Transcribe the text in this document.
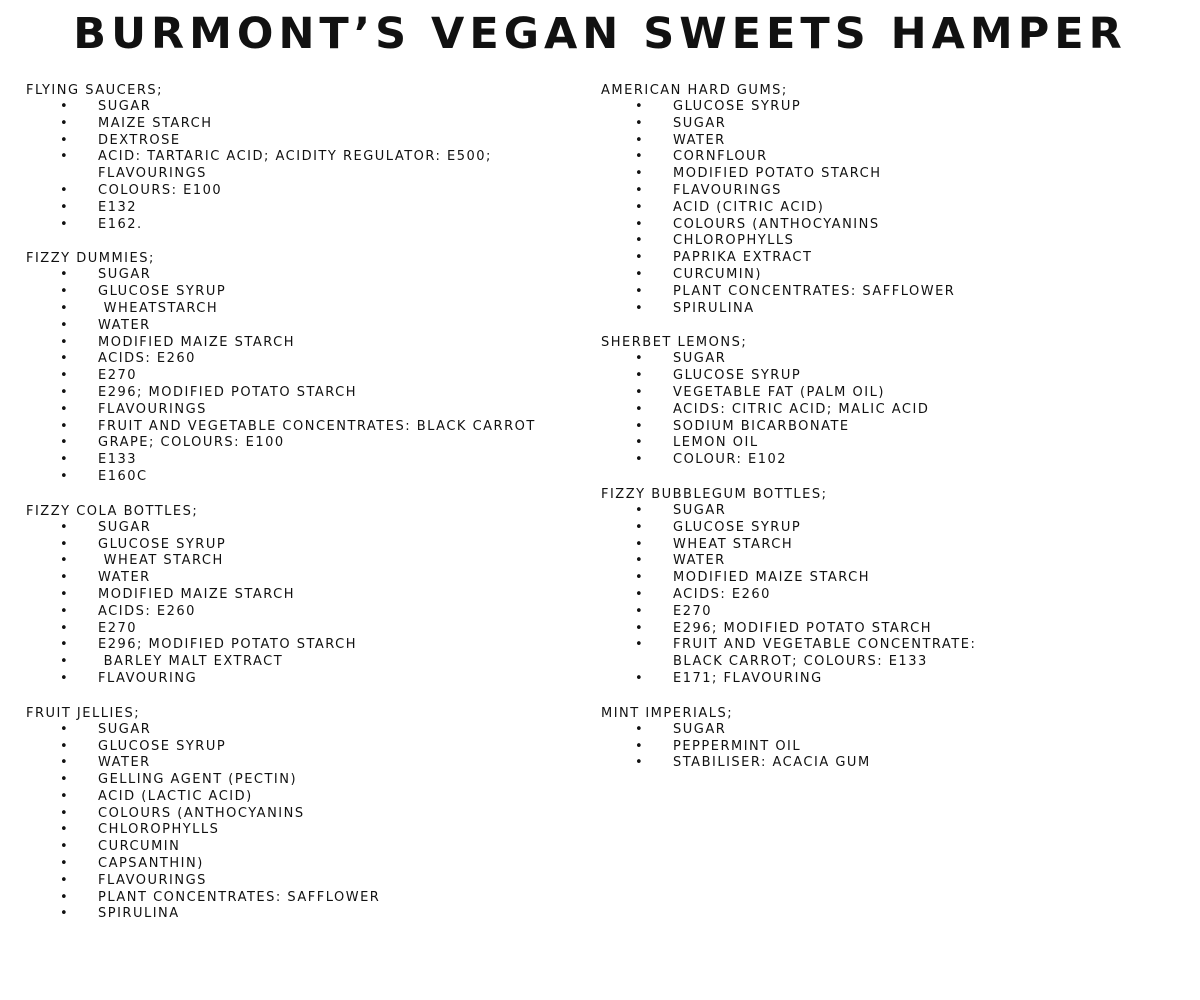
BURMONT’S VEGAN SWEETS HAMPER
FLYING SAUCERS;
• SUGAR
• MAIZE STARCH
• DEXTROSE
• ACID: TARTARIC ACID; ACIDITY REGULATOR: E500;
FLAVOURINGS
• COLOURS: E100
• E132
• E162.
FIZZY DUMMIES;
• SUGAR
• GLUCOSE SYRUP
• WHEATSTARCH
• WATER
• MODIFIED MAIZE STARCH
• ACIDS: E260
• E270
• E296; MODIFIED POTATO STARCH
• FLAVOURINGS
• FRUIT AND VEGETABLE CONCENTRATES: BLACK CARROT
• GRAPE; COLOURS: E100
• E133
• E160C
FIZZY COLA BOTTLES;
• SUGAR
• GLUCOSE SYRUP
• WHEAT STARCH
• WATER
• MODIFIED MAIZE STARCH
• ACIDS: E260
• E270
• E296; MODIFIED POTATO STARCH
• BARLEY MALT EXTRACT
• FLAVOURING
FRUIT JELLIES;
• SUGAR
• GLUCOSE SYRUP
• WATER
• GELLING AGENT (PECTIN)
• ACID (LACTIC ACID)
• COLOURS (ANTHOCYANINS
• CHLOROPHYLLS
• CURCUMIN
• CAPSANTHIN)
• FLAVOURINGS
• PLANT CONCENTRATES: SAFFLOWER
• SPIRULINA
AMERICAN HARD GUMS;
• GLUCOSE SYRUP
• SUGAR
• WATER
• CORNFLOUR
• MODIFIED POTATO STARCH
• FLAVOURINGS
• ACID (CITRIC ACID)
• COLOURS (ANTHOCYANINS
• CHLOROPHYLLS
• PAPRIKA EXTRACT
• CURCUMIN)
• PLANT CONCENTRATES: SAFFLOWER
• SPIRULINA
SHERBET LEMONS;
• SUGAR
• GLUCOSE SYRUP
• VEGETABLE FAT (PALM OIL)
• ACIDS: CITRIC ACID; MALIC ACID
• SODIUM BICARBONATE
• LEMON OIL
• COLOUR: E102
FIZZY BUBBLEGUM BOTTLES;
• SUGAR
• GLUCOSE SYRUP
• WHEAT STARCH
• WATER
• MODIFIED MAIZE STARCH
• ACIDS: E260
• E270
• E296; MODIFIED POTATO STARCH
• FRUIT AND VEGETABLE CONCENTRATE:
BLACK CARROT; COLOURS: E133
• E171; FLAVOURING
MINT IMPERIALS;
• SUGAR
• PEPPERMINT OIL
• STABILISER: ACACIA GUM
